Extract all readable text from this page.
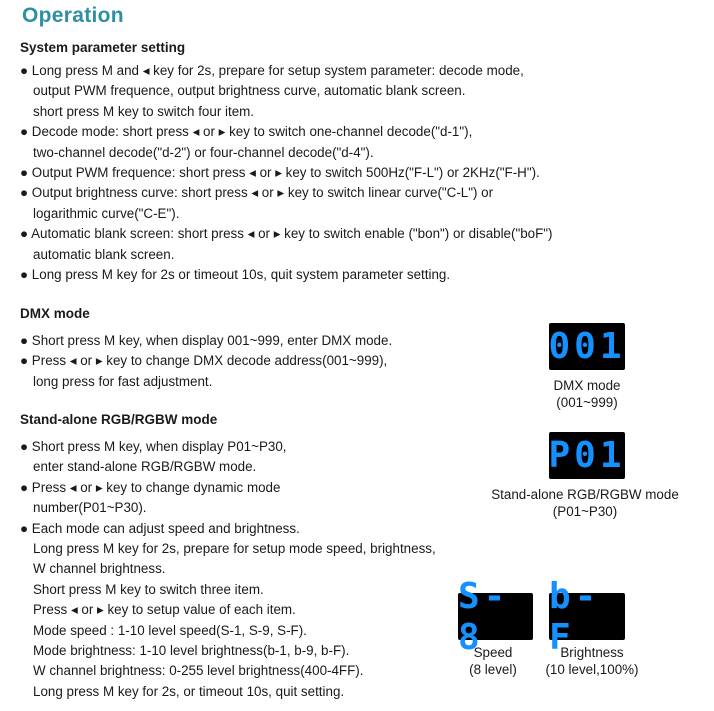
Operation
System parameter setting
● Long press M and ◂ key for 2s, prepare for setup system parameter: decode mode,
output PWM frequence, output brightness curve, automatic blank screen.
short press M key to switch four item.
● Decode mode: short press ◂ or ▸ key to switch one-channel decode("d-1"),
two-channel decode("d-2") or four-channel decode("d-4").
● Output PWM frequence: short press ◂ or ▸ key to switch 500Hz("F-L") or 2KHz("F-H").
● Output brightness curve: short press ◂ or ▸ key to switch linear curve("C-L") or
logarithmic curve("C-E").
● Automatic blank screen: short press ◂ or ▸ key to switch enable ("bon") or disable("boF")
automatic blank screen.
● Long press M key for 2s or timeout 10s, quit system parameter setting.
DMX mode
● Short press M key, when display 001~999, enter DMX mode.
● Press ◂ or ▸ key to change DMX decode address(001~999),
long press for fast adjustment.
001
DMX mode
(001~999)
Stand-alone RGB/RGBW mode
● Short press M key, when display P01~P30,
enter stand-alone RGB/RGBW mode.
● Press ◂ or ▸ key to change dynamic mode
number(P01~P30).
● Each mode can adjust speed and brightness.
Long press M key for 2s, prepare for setup mode speed, brightness,
W channel brightness.
Short press M key to switch three item.
Press ◂ or ▸ key to setup value of each item.
Mode speed : 1-10 level speed(S-1, S-9, S-F).
Mode brightness: 1-10 level brightness(b-1, b-9, b-F).
W channel brightness: 0-255 level brightness(400-4FF).
Long press M key for 2s, or timeout 10s, quit setting.
P01
Stand-alone RGB/RGBW mode
(P01~P30)
S-8
Speed
(8 level)
b-F
Brightness
(10 level,100%)
